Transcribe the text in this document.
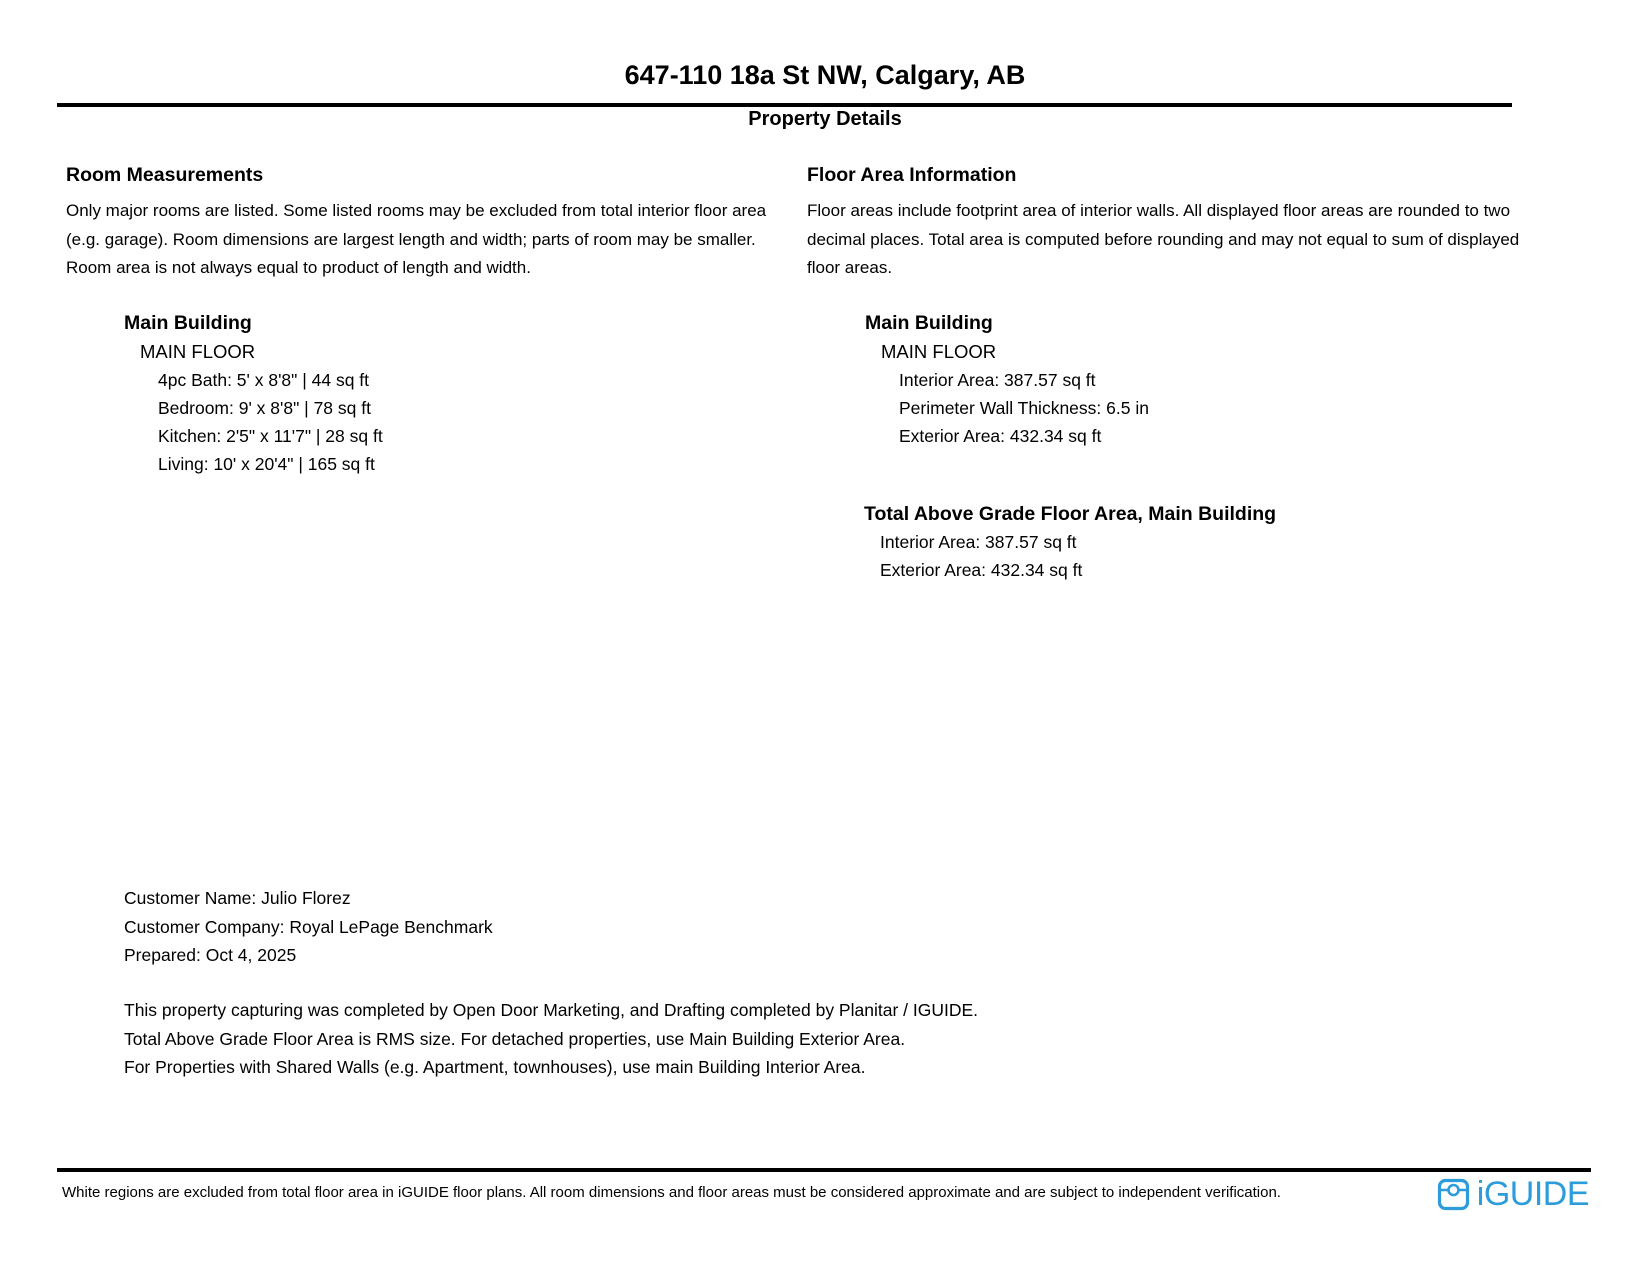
647-110 18a St NW, Calgary, AB
Property Details
Room Measurements
Only major rooms are listed. Some listed rooms may be excluded from total interior floor area (e.g. garage). Room dimensions are largest length and width; parts of room may be smaller. Room area is not always equal to product of length and width.
Main Building
MAIN FLOOR
4pc Bath: 5' x 8'8" | 44 sq ft
Bedroom: 9' x 8'8" | 78 sq ft
Kitchen: 2'5" x 11'7" | 28 sq ft
Living: 10' x 20'4" | 165 sq ft
Floor Area Information
Floor areas include footprint area of interior walls. All displayed floor areas are rounded to two decimal places. Total area is computed before rounding and may not equal to sum of displayed floor areas.
Main Building
MAIN FLOOR
Interior Area: 387.57 sq ft
Perimeter Wall Thickness: 6.5 in
Exterior Area: 432.34 sq ft
Total Above Grade Floor Area, Main Building
Interior Area: 387.57 sq ft
Exterior Area: 432.34 sq ft
Customer Name: Julio Florez
Customer Company: Royal LePage Benchmark
Prepared: Oct 4, 2025
This property capturing was completed by Open Door Marketing, and Drafting completed by Planitar / IGUIDE.
Total Above Grade Floor Area is RMS size. For detached properties, use Main Building Exterior Area.
For Properties with Shared Walls (e.g. Apartment, townhouses), use main Building Interior Area.
White regions are excluded from total floor area in iGUIDE floor plans. All room dimensions and floor areas must be considered approximate and are subject to independent verification.	iGUIDE
